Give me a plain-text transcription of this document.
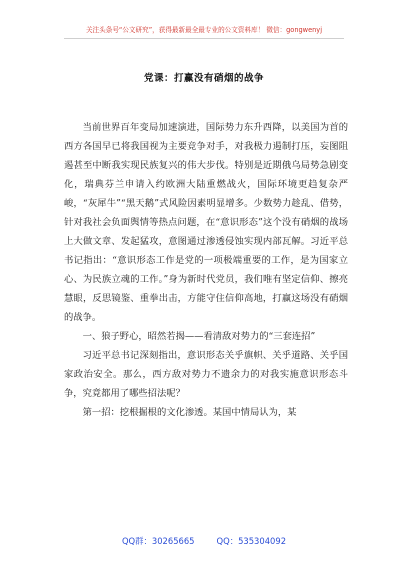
关注头条号“公文研究”，获得最新最全最专业的公文资料库！ 微信：gongwenyj
党课：打赢没有硝烟的战争

当前世界百年变局加速演进，国际势力东升西降，以美国为首的西方各国早已将我国视为主要竞争对手，对我极力遏制打压，妄图阻遏甚至中断我实现民族复兴的伟大步伐。特别是近期俄乌局势急剧变化，瑞典芬兰申请入约欧洲大陆重燃战火，国际环境更趋复杂严峻，“灰犀牛”“黑天鹅”式风险因素明显增多。少数势力趁乱、借势，针对我社会负面舆情等热点问题，在“意识形态”这个没有硝烟的战场上大做文章、发起猛攻，意图通过渗透侵蚀实现内部瓦解。习近平总书记指出：“意识形态工作是党的一项极端重要的工作，是为国家立心、为民族立魂的工作。”身为新时代党员，我们唯有坚定信仰、擦亮慧眼，反思镜鉴、重拳出击，方能守住信仰高地，打赢这场没有硝烟的战争。

一、狼子野心，昭然若揭——看清敌对势力的“三套连招”

习近平总书记深刻指出，意识形态关乎旗帜、关乎道路、关乎国家政治安全。那么，西方敌对势力不遗余力的对我实施意识形态斗争，究竟都用了哪些招法呢？

第一招：挖根掘根的文化渗透。某国中情局认为，某

QQ群：30265665	QQ：535304092
